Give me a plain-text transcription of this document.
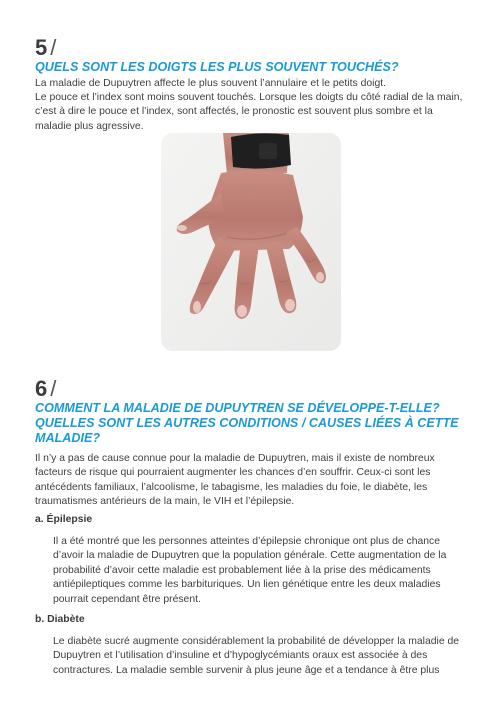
5 /
QUELS SONT LES DOIGTS LES PLUS SOUVENT TOUCHÉS?

La maladie de Dupuytren affecte le plus souvent l’annulaire et le petits doigt.

Le pouce et l’index sont moins souvent touchés. Lorsque les doigts du côté radial de la main, c’est à dire le pouce et l’index, sont affectés, le pronostic est souvent plus sombre et la maladie plus agressive.

6 /
COMMENT LA MALADIE DE DUPUYTREN SE DÉVELOPPE-T-ELLE? QUELLES SONT LES AUTRES CONDITIONS / CAUSES LIÉES À CETTE MALADIE?

Il n’y a pas de cause connue pour la maladie de Dupuytren, mais il existe de nombreux facteurs de risque qui pourraient augmenter les chances d’en souffrir. Ceux-ci sont les antécédents familiaux, l’alcoolisme, le tabagisme, les maladies du foie, le diabète, les traumatismes antérieurs de la main, le VIH et l’épilepsie.

a. Épilepsie

Il a été montré que les personnes atteintes d’épilepsie chronique ont plus de chance d’avoir la maladie de Dupuytren que la population générale. Cette augmentation de la probabilité d’avoir cette maladie est probablement liée à la prise des médicaments antiépileptiques comme les barbituriques. Un lien génétique entre les deux maladies pourrait cependant être présent.

b. Diabète

Le diabète sucré augmente considérablement la probabilité de développer la maladie de Dupuytren et l’utilisation d’insuline et d’hypoglycémiants oraux est associée à des contractures. La maladie semble survenir à plus jeune âge et a tendance à être plus
